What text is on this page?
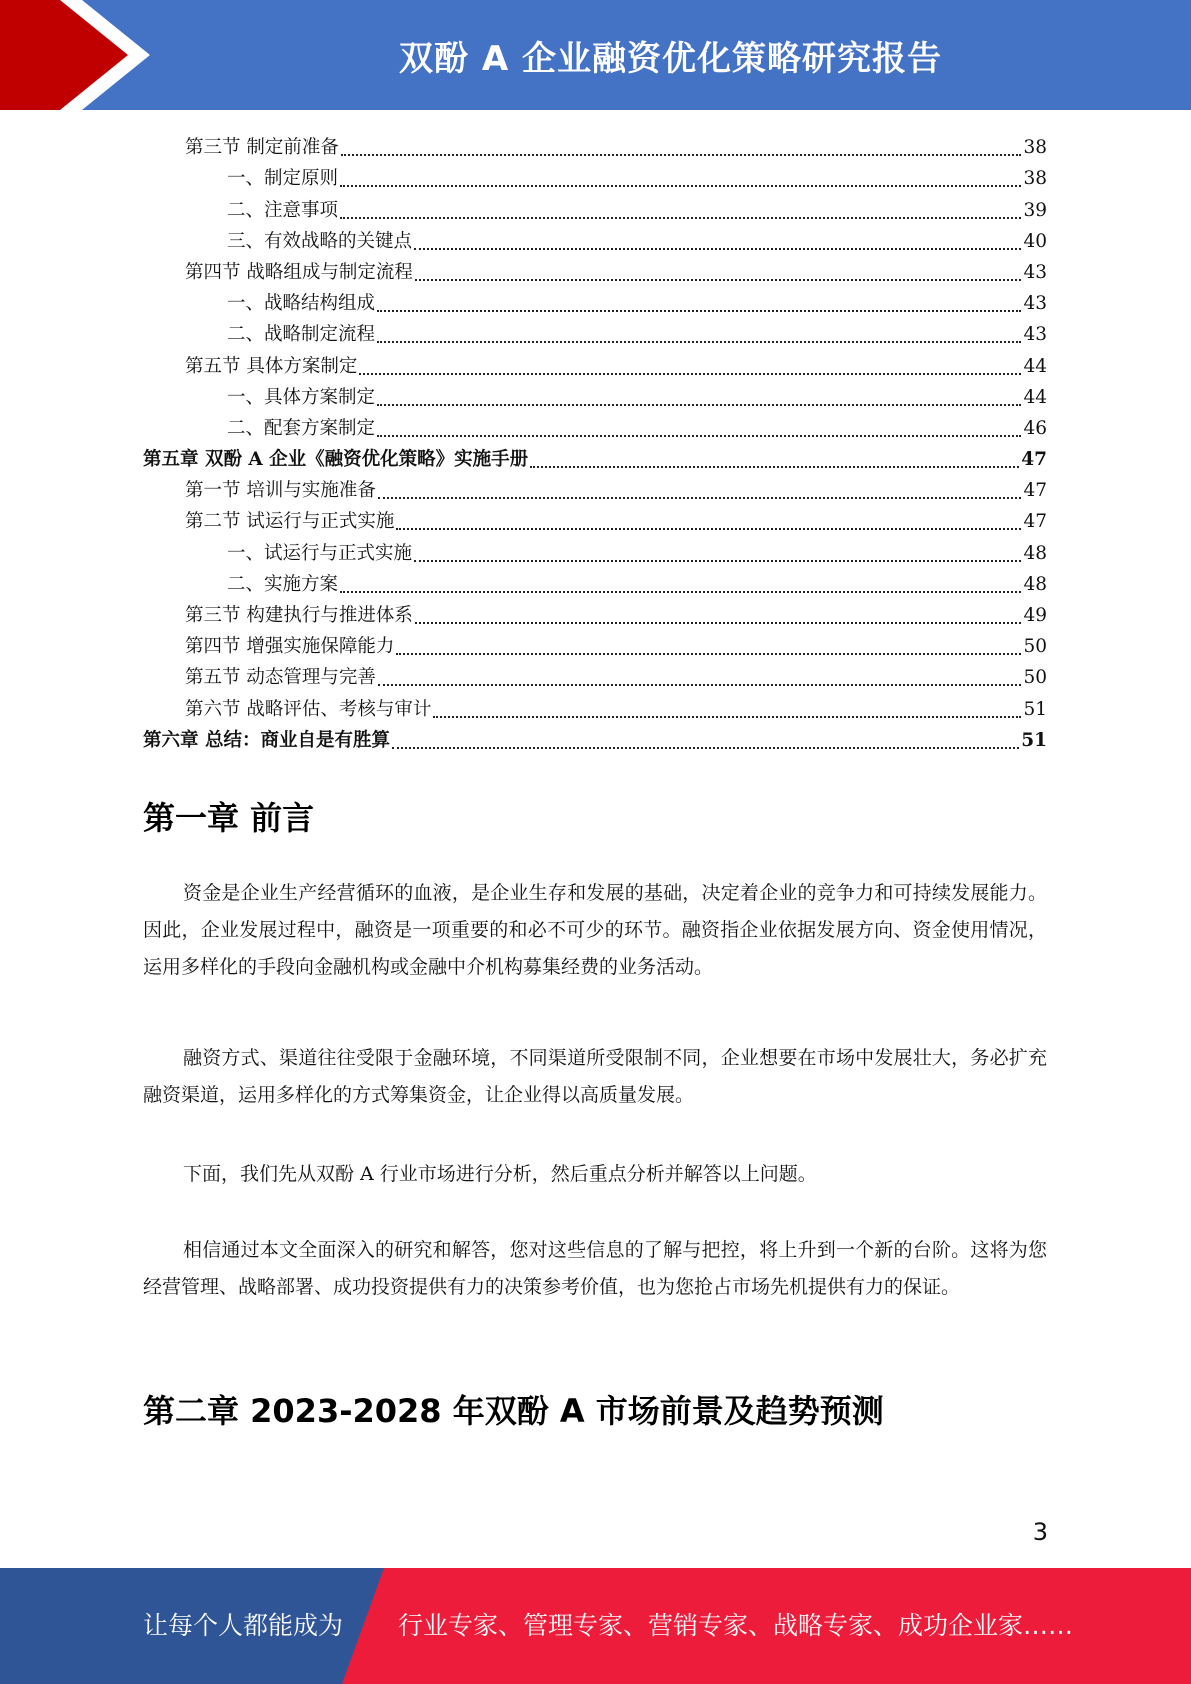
双酚 A 企业融资优化策略研究报告
第三节 制定前准备	38
一、制定原则	38
二、注意事项	39
三、有效战略的关键点	40
第四节 战略组成与制定流程	43
一、战略结构组成	43
二、战略制定流程	43
第五节 具体方案制定	44
一、具体方案制定	44
二、配套方案制定	46
第五章 双酚 A 企业《融资优化策略》实施手册	47
第一节 培训与实施准备	47
第二节 试运行与正式实施	47
一、试运行与正式实施	48
二、实施方案	48
第三节 构建执行与推进体系	49
第四节 增强实施保障能力	50
第五节 动态管理与完善	50
第六节 战略评估、考核与审计	51
第六章 总结：商业自是有胜算	51
第一章 前言

资金是企业生产经营循环的血液，是企业生存和发展的基础，决定着企业的竞争力和可持续发展能力。因此，企业发展过程中，融资是一项重要的和必不可少的环节。融资指企业依据发展方向、资金使用情况，运用多样化的手段向金融机构或金融中介机构募集经费的业务活动。

融资方式、渠道往往受限于金融环境，不同渠道所受限制不同，企业想要在市场中发展壮大，务必扩充融资渠道，运用多样化的方式筹集资金，让企业得以高质量发展。

下面，我们先从双酚 A 行业市场进行分析，然后重点分析并解答以上问题。

相信通过本文全面深入的研究和解答，您对这些信息的了解与把控，将上升到一个新的台阶。这将为您经营管理、战略部署、成功投资提供有力的决策参考价值，也为您抢占市场先机提供有力的保证。

第二章 2023-2028 年双酚 A 市场前景及趋势预测
3
让每个人都能成为 行业专家、管理专家、营销专家、战略专家、成功企业家……
